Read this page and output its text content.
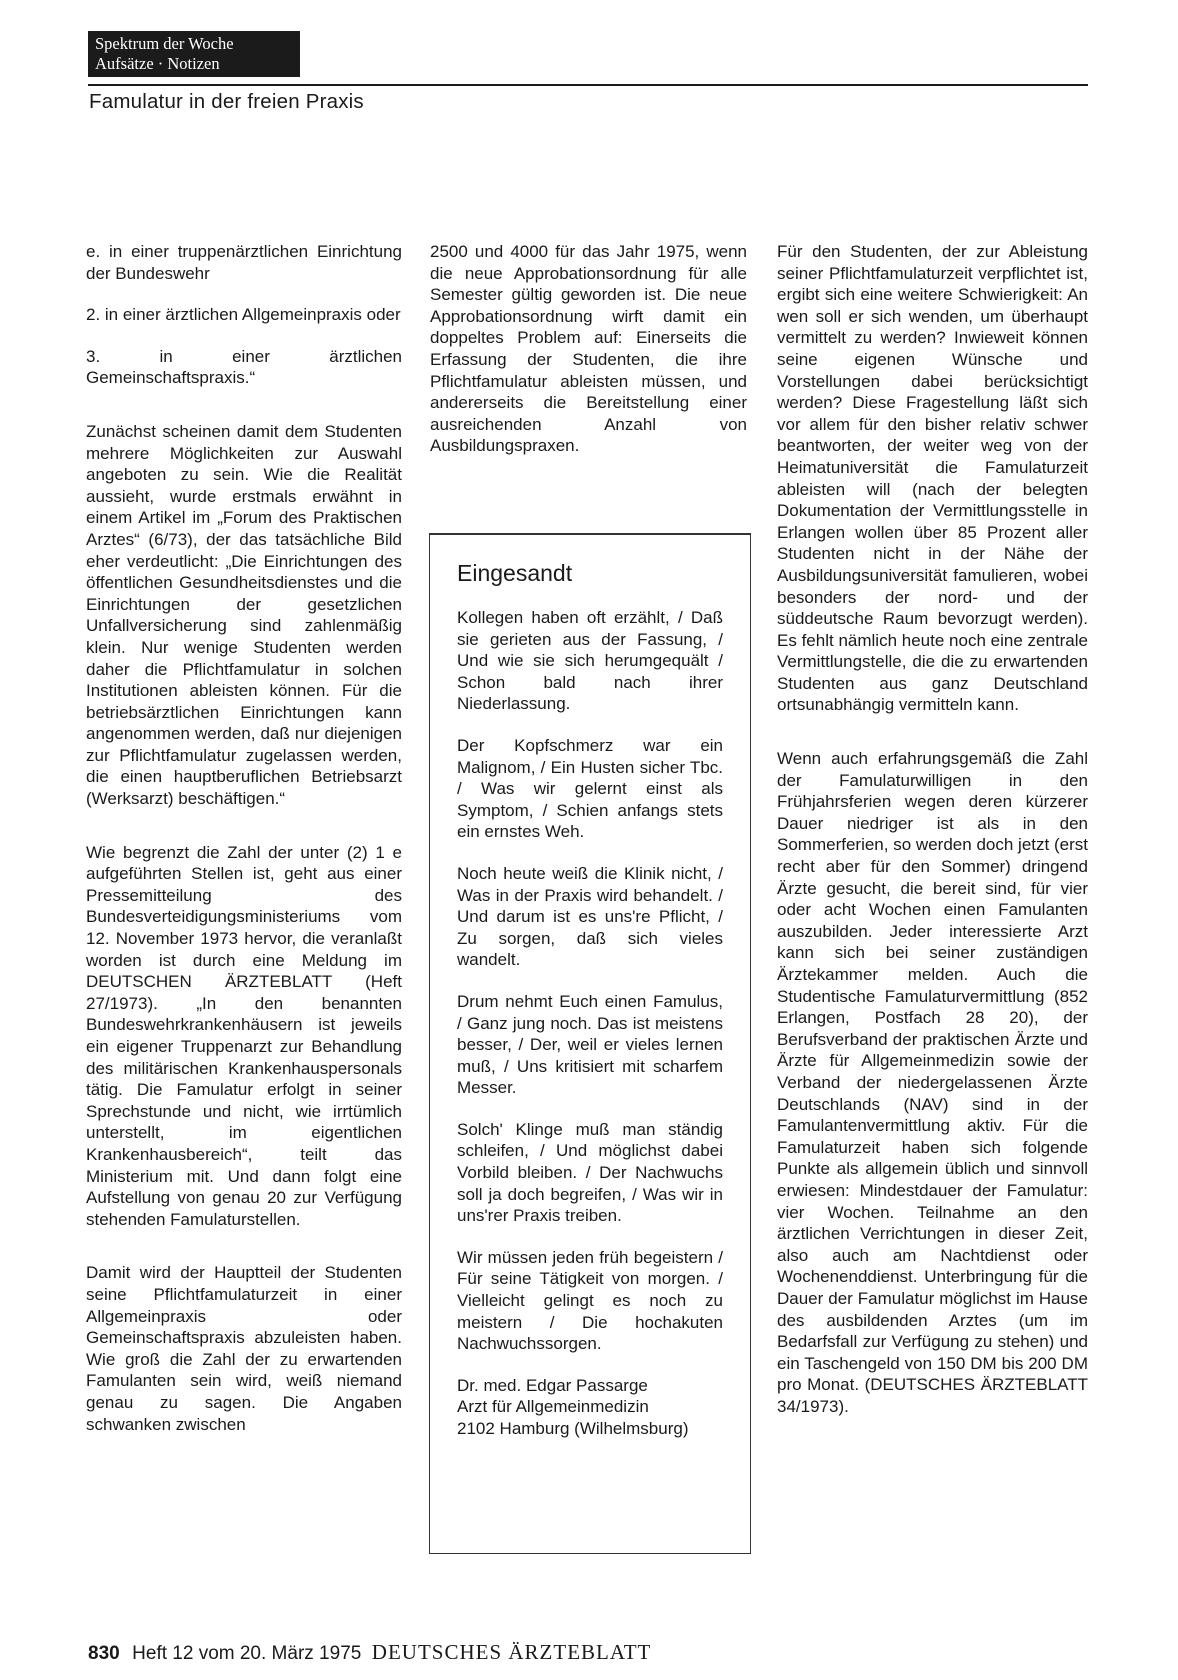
Spektrum der Woche
Aufsätze · Notizen
Famulatur in der freien Praxis

e. in einer truppenärztlichen Einrichtung der Bundeswehr

2. in einer ärztlichen Allgemeinpraxis oder

3. in einer ärztlichen Gemeinschaftspraxis.“

Zunächst scheinen damit dem Studenten mehrere Möglichkeiten zur Auswahl angeboten zu sein. Wie die Realität aussieht, wurde erstmals erwähnt in einem Artikel im „Forum des Praktischen Arztes“ (6/73), der das tatsächliche Bild eher verdeutlicht: „Die Einrichtungen des öffentlichen Gesundheitsdienstes und die Einrichtungen der gesetzlichen Unfallversicherung sind zahlenmäßig klein. Nur wenige Studenten werden daher die Pflichtfamulatur in solchen Institutionen ableisten können. Für die betriebsärztlichen Einrichtungen kann angenommen werden, daß nur diejenigen zur Pflichtfamulatur zugelassen werden, die einen hauptberuflichen Betriebsarzt (Werksarzt) beschäftigen.“

Wie begrenzt die Zahl der unter (2) 1 e aufgeführten Stellen ist, geht aus einer Pressemitteilung des Bundesverteidigungsministeriums vom 12. November 1973 hervor, die veranlaßt worden ist durch eine Meldung im DEUTSCHEN ÄRZTEBLATT (Heft 27/1973). „In den benannten Bundeswehrkrankenhäusern ist jeweils ein eigener Truppenarzt zur Behandlung des militärischen Krankenhauspersonals tätig. Die Famulatur erfolgt in seiner Sprechstunde und nicht, wie irrtümlich unterstellt, im eigentlichen Krankenhausbereich“, teilt das Ministerium mit. Und dann folgt eine Aufstellung von genau 20 zur Verfügung stehenden Famulaturstellen.

Damit wird der Hauptteil der Studenten seine Pflichtfamulaturzeit in einer Allgemeinpraxis oder Gemeinschaftspraxis abzuleisten haben. Wie groß die Zahl der zu erwartenden Famulanten sein wird, weiß niemand genau zu sagen. Die Angaben schwanken zwischen

2500 und 4000 für das Jahr 1975, wenn die neue Approbationsordnung für alle Semester gültig geworden ist. Die neue Approbationsordnung wirft damit ein doppeltes Problem auf: Einerseits die Erfassung der Studenten, die ihre Pflichtfamulatur ableisten müssen, und andererseits die Bereitstellung einer ausreichenden Anzahl von Ausbildungspraxen.

Eingesandt

Kollegen haben oft erzählt, / Daß sie gerieten aus der Fassung, / Und wie sie sich herumgequält / Schon bald nach ihrer Niederlassung.

Der Kopfschmerz war ein Malignom, / Ein Husten sicher Tbc. / Was wir gelernt einst als Symptom, / Schien anfangs stets ein ernstes Weh.

Noch heute weiß die Klinik nicht, / Was in der Praxis wird behandelt. / Und darum ist es uns're Pflicht, / Zu sorgen, daß sich vieles wandelt.

Drum nehmt Euch einen Famulus, / Ganz jung noch. Das ist meistens besser, / Der, weil er vieles lernen muß, / Uns kritisiert mit scharfem Messer.

Solch' Klinge muß man ständig schleifen, / Und möglichst dabei Vorbild bleiben. / Der Nachwuchs soll ja doch begreifen, / Was wir in uns'rer Praxis treiben.

Wir müssen jeden früh begeistern / Für seine Tätigkeit von morgen. / Vielleicht gelingt es noch zu meistern / Die hochakuten Nachwuchssorgen.

Dr. med. Edgar Passarge
Arzt für Allgemeinmedizin
2102 Hamburg (Wilhelmsburg)

Für den Studenten, der zur Ableistung seiner Pflichtfamulaturzeit verpflichtet ist, ergibt sich eine weitere Schwierigkeit: An wen soll er sich wenden, um überhaupt vermittelt zu werden? Inwieweit können seine eigenen Wünsche und Vorstellungen dabei berücksichtigt werden? Diese Fragestellung läßt sich vor allem für den bisher relativ schwer beantworten, der weiter weg von der Heimatuniversität die Famulaturzeit ableisten will (nach der belegten Dokumentation der Vermittlungsstelle in Erlangen wollen über 85 Prozent aller Studenten nicht in der Nähe der Ausbildungsuniversität famulieren, wobei besonders der nord- und der süddeutsche Raum bevorzugt werden). Es fehlt nämlich heute noch eine zentrale Vermittlungstelle, die die zu erwartenden Studenten aus ganz Deutschland ortsunabhängig vermitteln kann.

Wenn auch erfahrungsgemäß die Zahl der Famulaturwilligen in den Frühjahrsferien wegen deren kürzerer Dauer niedriger ist als in den Sommerferien, so werden doch jetzt (erst recht aber für den Sommer) dringend Ärzte gesucht, die bereit sind, für vier oder acht Wochen einen Famulanten auszubilden. Jeder interessierte Arzt kann sich bei seiner zuständigen Ärztekammer melden. Auch die Studentische Famulaturvermittlung (852 Erlangen, Postfach 28 20), der Berufsverband der praktischen Ärzte und Ärzte für Allgemeinmedizin sowie der Verband der niedergelassenen Ärzte Deutschlands (NAV) sind in der Famulantenvermittlung aktiv. Für die Famulaturzeit haben sich folgende Punkte als allgemein üblich und sinnvoll erwiesen: Mindestdauer der Famulatur: vier Wochen. Teilnahme an den ärztlichen Verrichtungen in dieser Zeit, also auch am Nachtdienst oder Wochenenddienst. Unterbringung für die Dauer der Famulatur möglichst im Hause des ausbildenden Arztes (um im Bedarfsfall zur Verfügung zu stehen) und ein Taschengeld von 150 DM bis 200 DM pro Monat. (DEUTSCHES ÄRZTEBLATT 34/1973).

830 Heft 12 vom 20. März 1975 DEUTSCHES ÄRZTEBLATT
